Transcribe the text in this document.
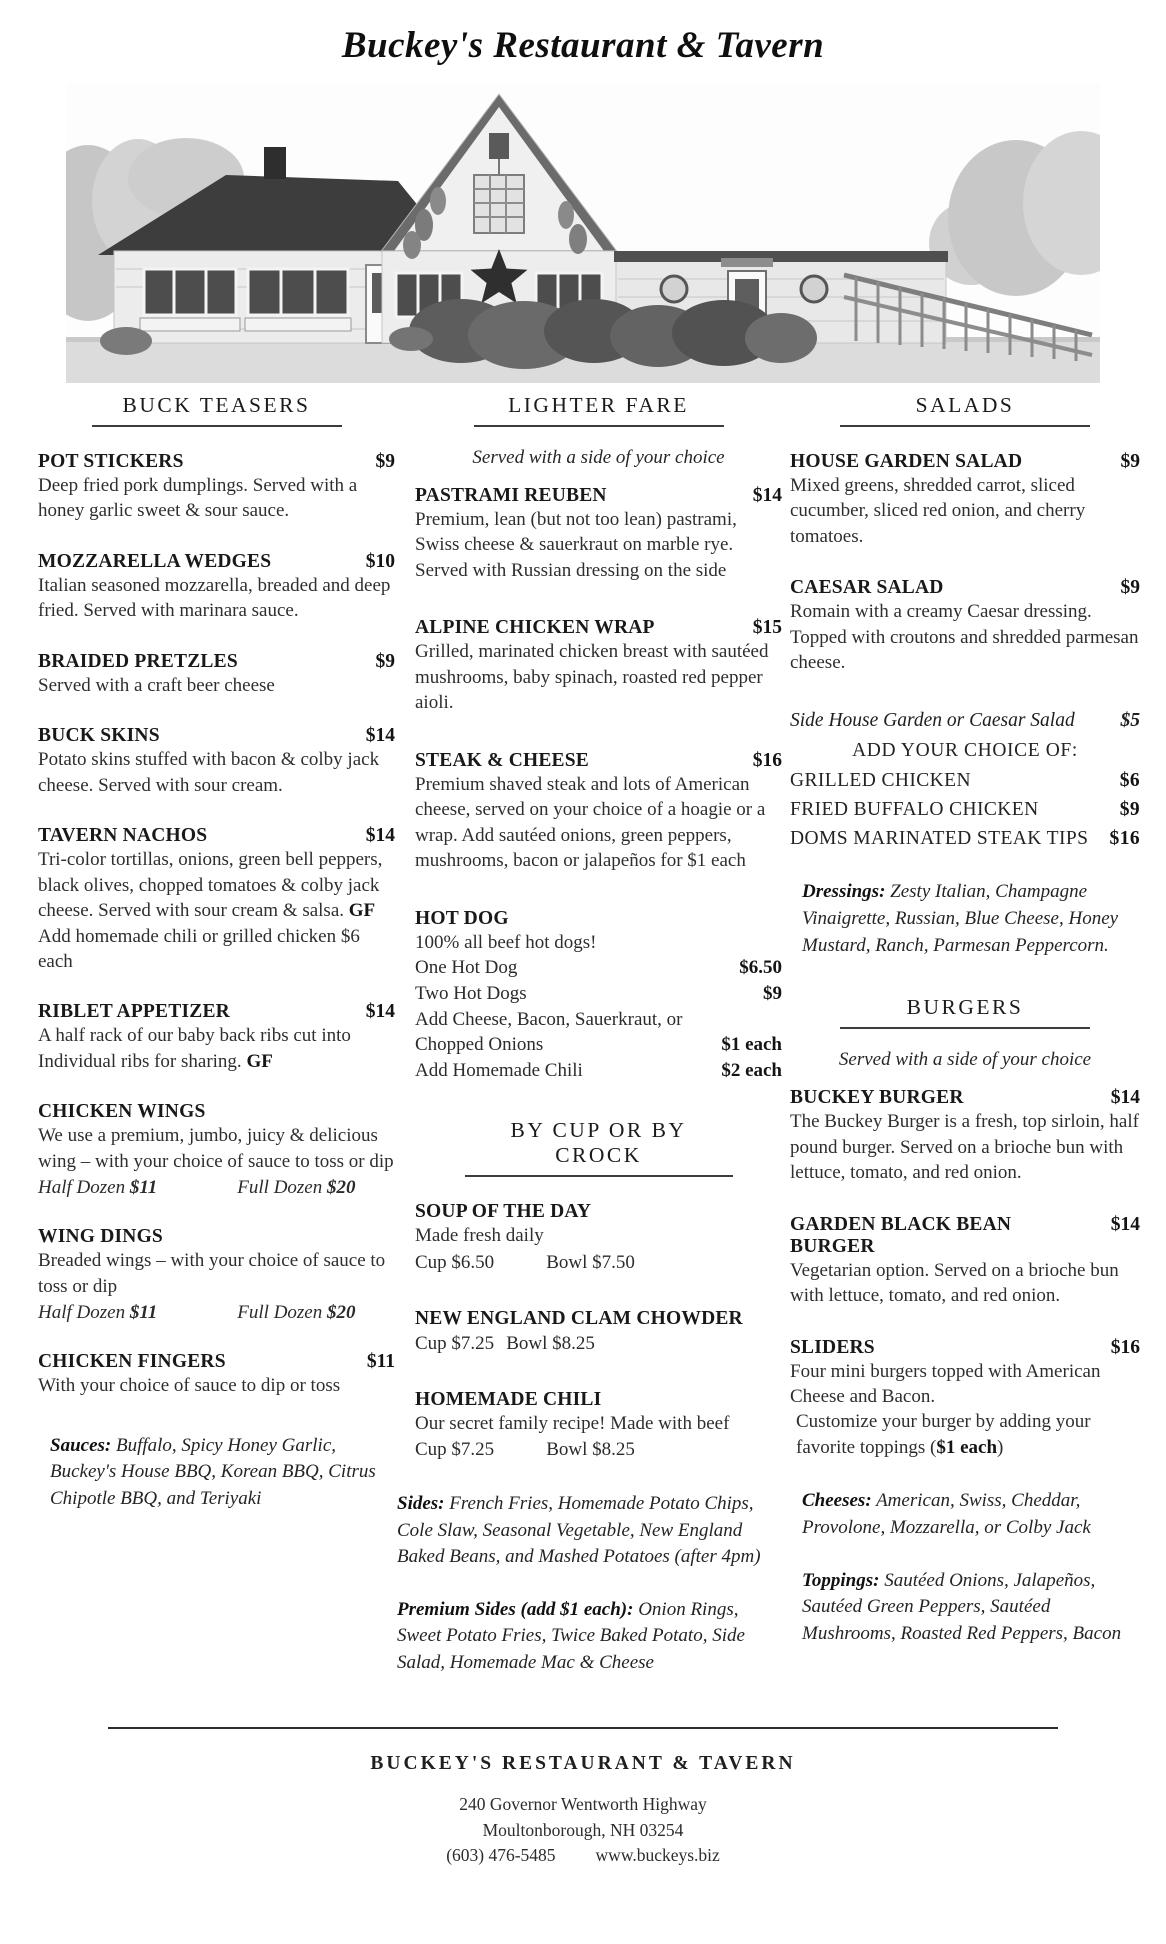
Buckey's Restaurant & Tavern
BUCK TEASERS
POT STICKERS	$9
Deep fried pork dumplings. Served with a honey garlic sweet & sour sauce.
MOZZARELLA WEDGES	$10
Italian seasoned mozzarella, breaded and deep fried. Served with marinara sauce.
BRAIDED PRETZLES	$9
Served with a craft beer cheese
BUCK SKINS	$14
Potato skins stuffed with bacon & colby jack cheese. Served with sour cream.
TAVERN NACHOS	$14
Tri-color tortillas, onions, green bell peppers, black olives, chopped tomatoes & colby jack cheese. Served with sour cream & salsa. GF Add homemade chili or grilled chicken $6 each
RIBLET APPETIZER	$14
A half rack of our baby back ribs cut into Individual ribs for sharing. GF
CHICKEN WINGS
We use a premium, jumbo, juicy & delicious wing – with your choice of sauce to toss or dip
Half Dozen $11	Full Dozen $20
WING DINGS
Breaded wings – with your choice of sauce to toss or dip
Half Dozen $11	Full Dozen $20
CHICKEN FINGERS	$11
With your choice of sauce to dip or toss
Sauces: Buffalo, Spicy Honey Garlic, Buckey's House BBQ, Korean BBQ, Citrus Chipotle BBQ, and Teriyaki
LIGHTER FARE
Served with a side of your choice
PASTRAMI REUBEN	$14
Premium, lean (but not too lean) pastrami, Swiss cheese & sauerkraut on marble rye. Served with Russian dressing on the side
ALPINE CHICKEN WRAP	$15
Grilled, marinated chicken breast with sautéed mushrooms, baby spinach, roasted red pepper aioli.
STEAK & CHEESE	$16
Premium shaved steak and lots of American cheese, served on your choice of a hoagie or a wrap. Add sautéed onions, green peppers, mushrooms, bacon or jalapeños for $1 each
HOT DOG
100% all beef hot dogs!
One Hot Dog	$6.50
Two Hot Dogs	$9
Add Cheese, Bacon, Sauerkraut, or Chopped Onions	$1 each
Add Homemade Chili	$2 each
BY CUP OR BY CROCK
SOUP OF THE DAY
Made fresh daily
Cup $6.50	Bowl $7.50
NEW ENGLAND CLAM CHOWDER
Cup $7.25 Bowl $8.25
HOMEMADE CHILI
Our secret family recipe! Made with beef
Cup $7.25	Bowl $8.25
Sides: French Fries, Homemade Potato Chips, Cole Slaw, Seasonal Vegetable, New England Baked Beans, and Mashed Potatoes (after 4pm)
Premium Sides (add $1 each): Onion Rings, Sweet Potato Fries, Twice Baked Potato, Side Salad, Homemade Mac & Cheese
SALADS
HOUSE GARDEN SALAD	$9
Mixed greens, shredded carrot, sliced cucumber, sliced red onion, and cherry tomatoes.
CAESAR SALAD	$9
Romain with a creamy Caesar dressing. Topped with croutons and shredded parmesan cheese.
Side House Garden or Caesar Salad $5
ADD YOUR CHOICE OF:
GRILLED CHICKEN	$6
FRIED BUFFALO CHICKEN	$9
DOMS MARINATED STEAK TIPS $16
Dressings: Zesty Italian, Champagne Vinaigrette, Russian, Blue Cheese, Honey Mustard, Ranch, Parmesan Peppercorn.
BURGERS
Served with a side of your choice
BUCKEY BURGER	$14
The Buckey Burger is a fresh, top sirloin, half pound burger. Served on a brioche bun with lettuce, tomato, and red onion.
GARDEN BLACK BEAN BURGER
$14
Vegetarian option. Served on a brioche bun with lettuce, tomato, and red onion.
SLIDERS	$16
Four mini burgers topped with American Cheese and Bacon.
Customize your burger by adding your favorite toppings ($1 each)
Cheeses: American, Swiss, Cheddar, Provolone, Mozzarella, or Colby Jack
Toppings: Sautéed Onions, Jalapeños, Sautéed Green Peppers, Sautéed Mushrooms, Roasted Red Peppers, Bacon
BUCKEY'S RESTAURANT & TAVERN
240 Governor Wentworth Highway
Moultonborough, NH 03254
(603) 476-5485 www.buckeys.biz
